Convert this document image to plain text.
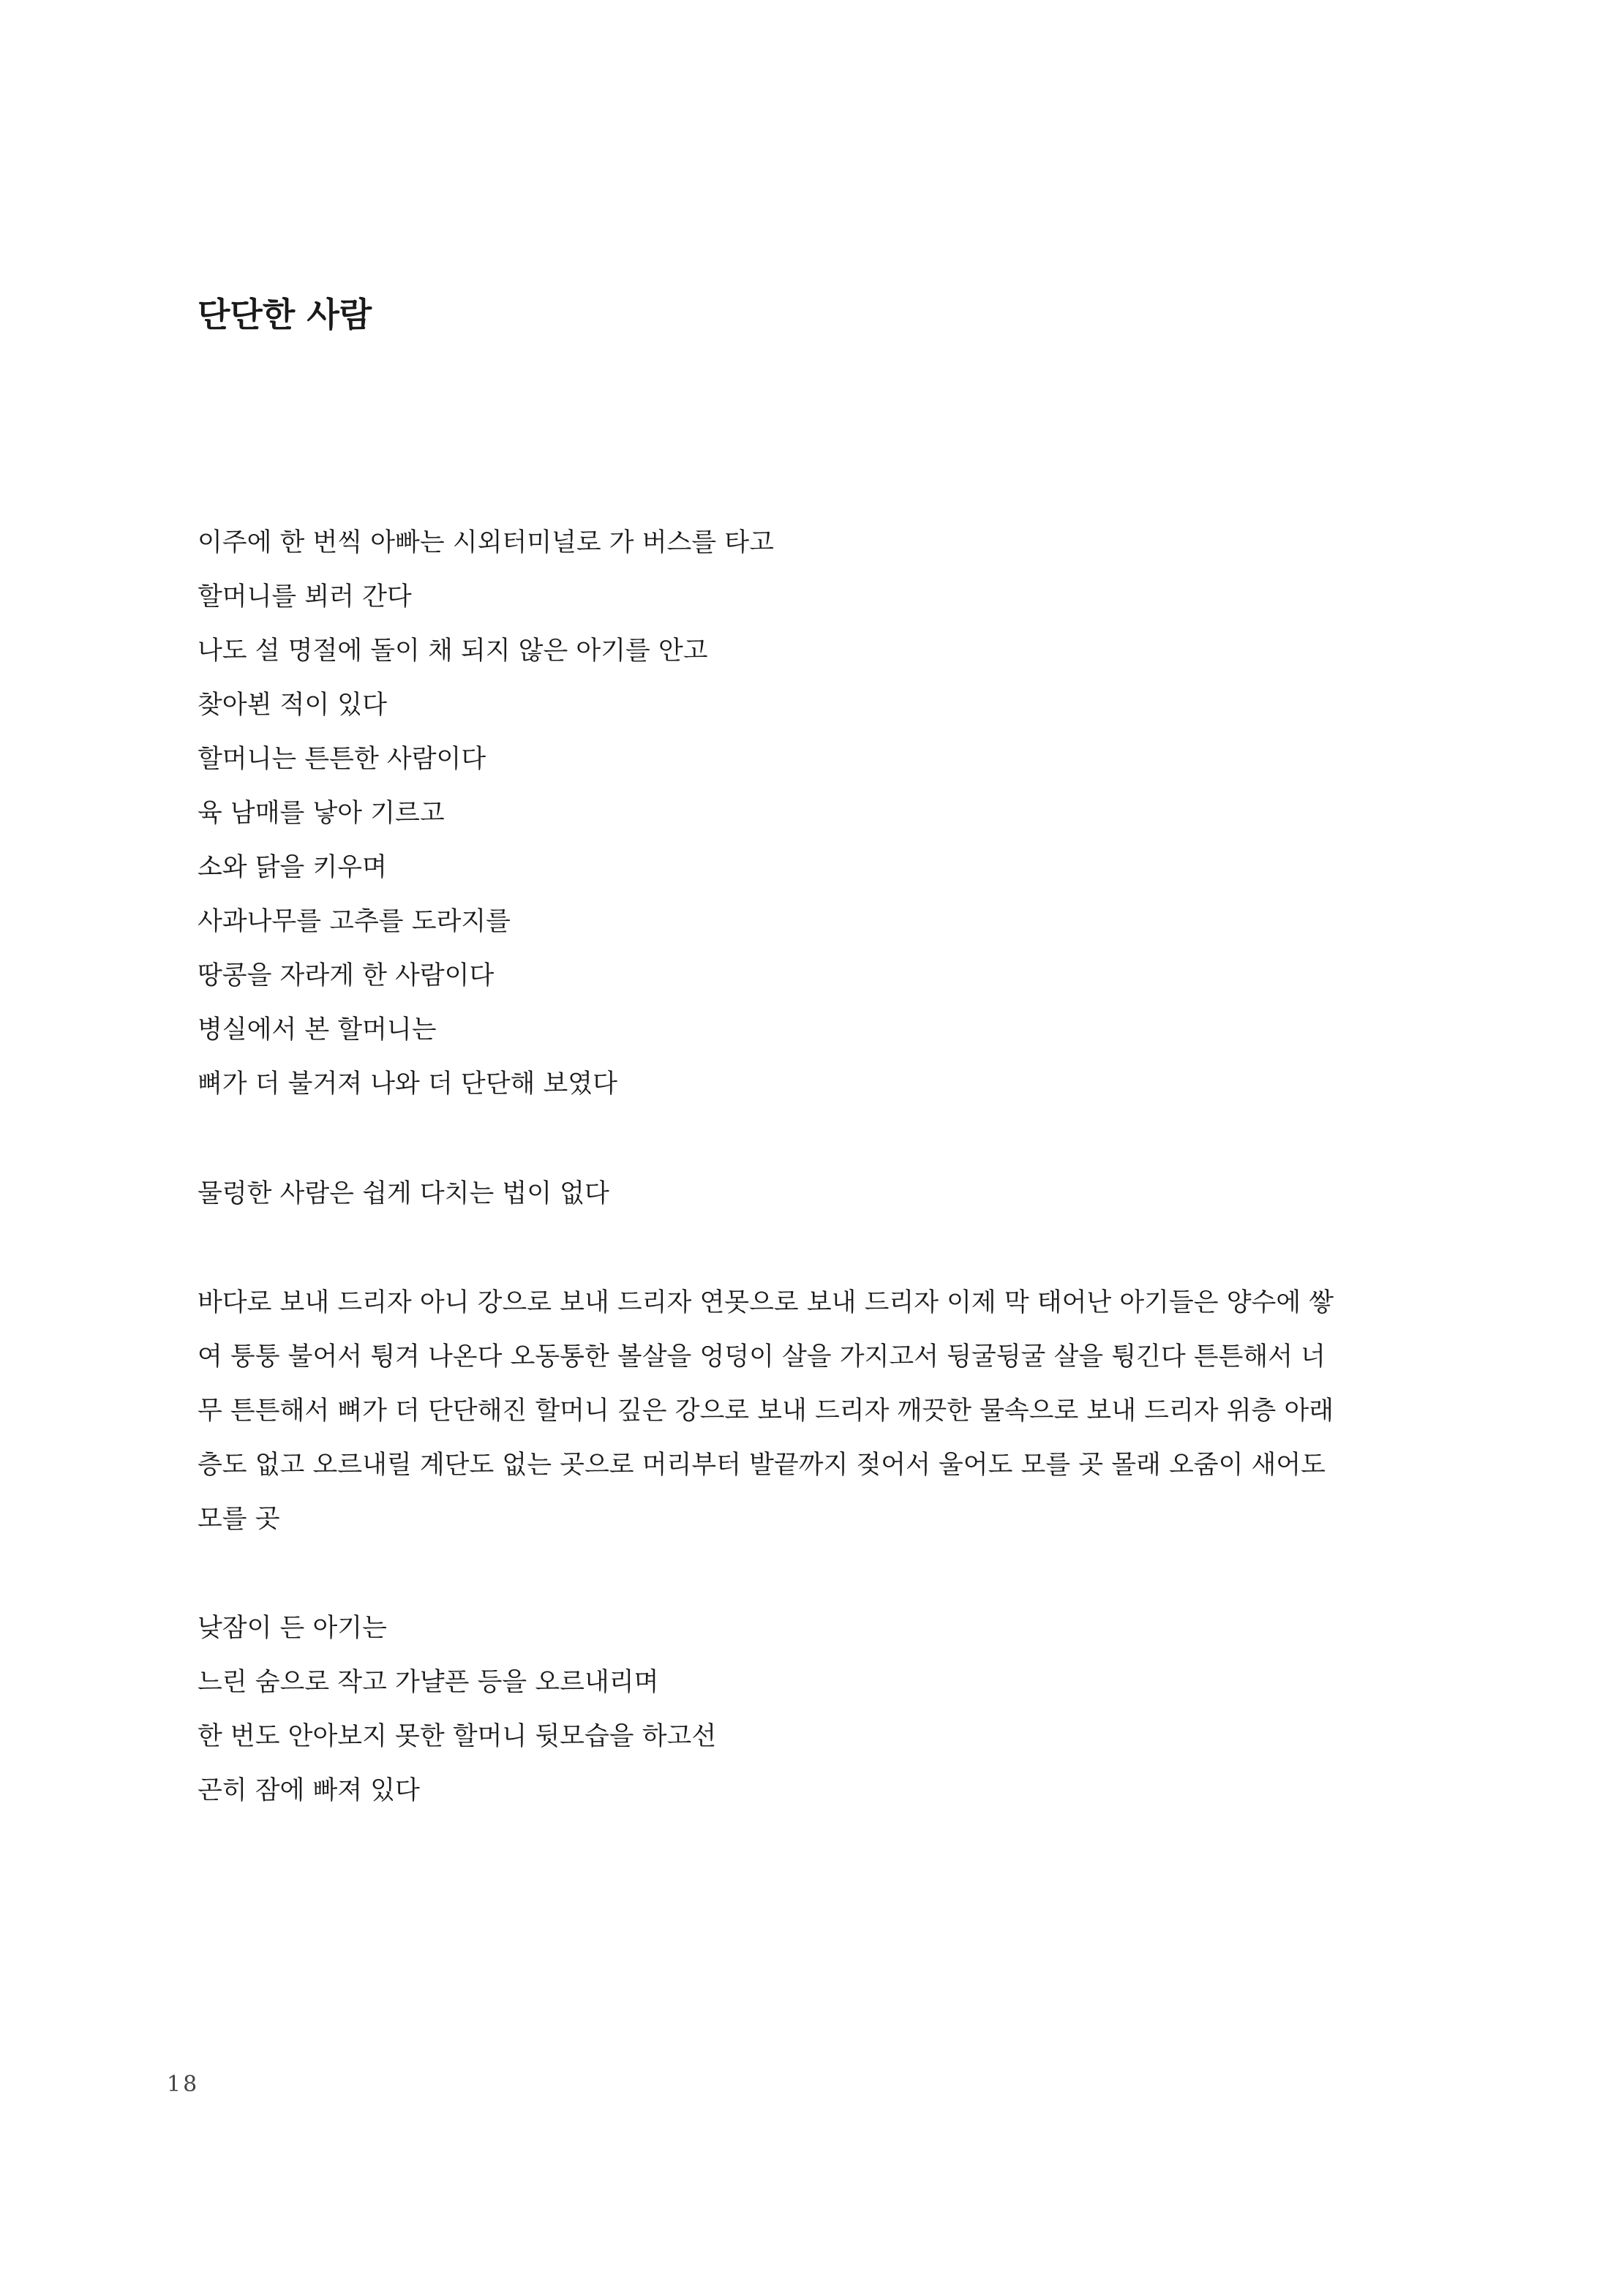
단단한 사람
이주에 한 번씩 아빠는 시외터미널로 가 버스를 타고
할머니를 뵈러 간다
나도 설 명절에 돌이 채 되지 않은 아기를 안고
찾아뵌 적이 있다
할머니는 튼튼한 사람이다
육 남매를 낳아 기르고
소와 닭을 키우며
사과나무를 고추를 도라지를
땅콩을 자라게 한 사람이다
병실에서 본 할머니는
뼈가 더 불거져 나와 더 단단해 보였다
물렁한 사람은 쉽게 다치는 법이 없다
바다로 보내 드리자 아니 강으로 보내 드리자 연못으로 보내 드리자 이제 막 태어난 아기들은 양수에 쌓
여 퉁퉁 불어서 튕겨 나온다 오동통한 볼살을 엉덩이 살을 가지고서 뒹굴뒹굴 살을 튕긴다 튼튼해서 너
무 튼튼해서 뼈가 더 단단해진 할머니 깊은 강으로 보내 드리자 깨끗한 물속으로 보내 드리자 위층 아래
층도 없고 오르내릴 계단도 없는 곳으로 머리부터 발끝까지 젖어서 울어도 모를 곳 몰래 오줌이 새어도
모를 곳
낮잠이 든 아기는
느린 숨으로 작고 가냘픈 등을 오르내리며
한 번도 안아보지 못한 할머니 뒷모습을 하고선
곤히 잠에 빠져 있다
18
